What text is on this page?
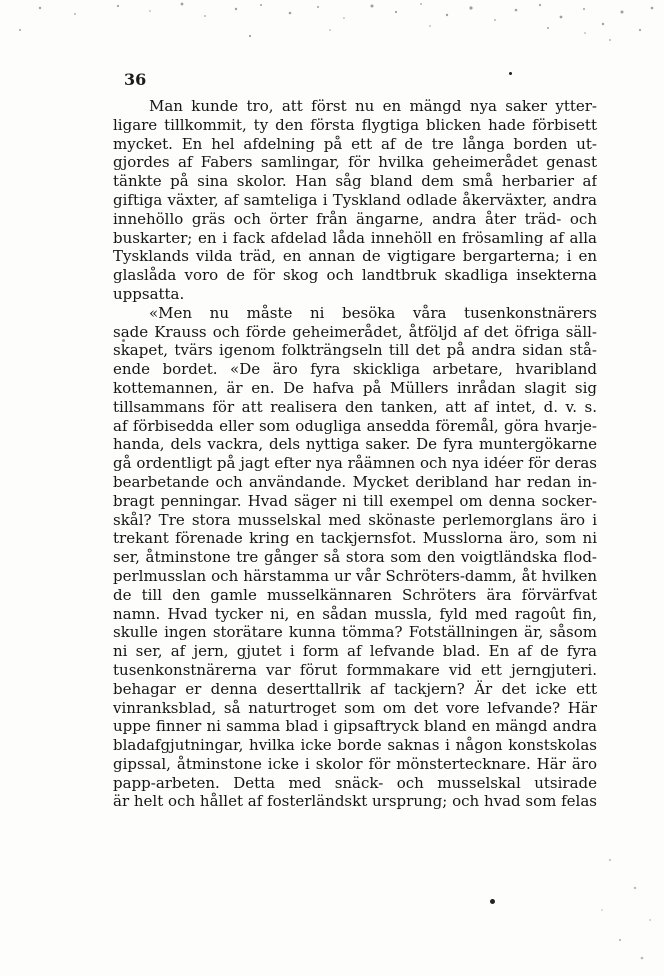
36
Man kunde tro, att först nu en mängd nya saker ytter-
ligare tillkommit, ty den första flygtiga blicken hade förbisett
mycket. En hel afdelning på ett af de tre långa borden ut-
gjordes af Fabers samlingar, för hvilka geheimerådet genast
tänkte på sina skolor. Han såg bland dem små herbarier af
giftiga växter, af samteliga i Tyskland odlade åkerväxter, andra
innehöllo gräs och örter från ängarne, andra åter träd- och
buskarter; en i fack afdelad låda innehöll en frösamling af alla
Tysklands vilda träd, en annan de vigtigare bergarterna; i en
glaslåda voro de för skog och landtbruk skadliga insekterna
uppsatta.
«Men nu måste ni besöka våra tusenkonstnärers
sade Krauss och förde geheimerådet, åtföljd af det öfriga säll-
skapet, tvärs igenom folkträngseln till det på andra sidan stå-
ende bordet. «De äro fyra skickliga arbetare, hvaribland
kottemannen, är en. De hafva på Müllers inrådan slagit sig
tillsammans för att realisera den tanken, att af intet, d. v. s.
af förbisedda eller som odugliga ansedda föremål, göra hvarje-
handa, dels vackra, dels nyttiga saker. De fyra muntergökarne
gå ordentligt på jagt efter nya råämnen och nya idéer för deras
bearbetande och användande. Mycket deribland har redan in-
bragt penningar. Hvad säger ni till exempel om denna socker-
skål? Tre stora musselskal med skönaste perlemorglans äro i
trekant förenade kring en tackjernsfot. Musslorna äro, som ni
ser, åtminstone tre gånger så stora som den voigtländska flod-
perlmusslan och härstamma ur vår Schröters-damm, åt hvilken
de till den gamle musselkännaren Schröters ära förvärfvat
namn. Hvad tycker ni, en sådan mussla, fyld med ragoût fin,
skulle ingen storätare kunna tömma? Fotställningen är, såsom
ni ser, af jern, gjutet i form af lefvande blad. En af de fyra
tusenkonstnärerna var förut formmakare vid ett jerngjuteri.
behagar er denna deserttallrik af tackjern? Är det icke ett
vinranksblad, så naturtroget som om det vore lefvande? Här
uppe finner ni samma blad i gipsaftryck bland en mängd andra
bladafgjutningar, hvilka icke borde saknas i någon konstskolas
gipssal, åtminstone icke i skolor för mönstertecknare. Här äro
papp-arbeten. Detta med snäck- och musselskal utsirade
är helt och hållet af fosterländskt ursprung; och hvad som felas
